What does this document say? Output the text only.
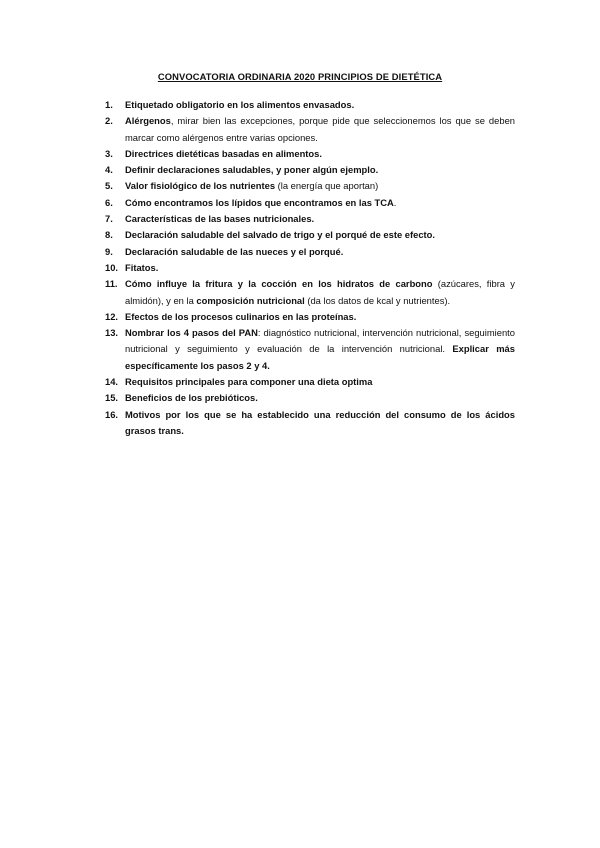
CONVOCATORIA ORDINARIA 2020 PRINCIPIOS DE DIETÉTICA
1.	Etiquetado obligatorio en los alimentos envasados.
2.	Alérgenos, mirar bien las excepciones, porque pide que seleccionemos los que se deben marcar como alérgenos entre varias opciones.
3.	Directrices dietéticas basadas en alimentos.
4.	Definir declaraciones saludables, y poner algún ejemplo.
5.	Valor fisiológico de los nutrientes (la energía que aportan)
6.	Cómo encontramos los lípidos que encontramos en las TCA.
7.	Características de las bases nutricionales.
8.	Declaración saludable del salvado de trigo y el porqué de este efecto.
9.	Declaración saludable de las nueces y el porqué.
10. Fitatos.
11. Cómo influye la fritura y la cocción en los hidratos de carbono (azúcares, fibra y almidón), y en la composición nutricional (da los datos de kcal y nutrientes).
12. Efectos de los procesos culinarios en las proteínas.
13. Nombrar los 4 pasos del PAN: diagnóstico nutricional, intervención nutricional, seguimiento nutricional y seguimiento y evaluación de la intervención nutricional. Explicar más específicamente los pasos 2 y 4.
14. Requisitos principales para componer una dieta optima
15. Beneficios de los prebióticos.
16. Motivos por los que se ha establecido una reducción del consumo de los ácidos grasos trans.
